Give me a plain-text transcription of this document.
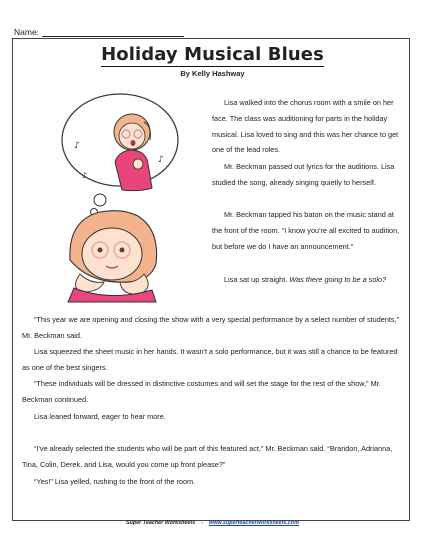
Name:
Holiday Musical Blues
By Kelly Hashway
♪
♪
♪

Lisa walked into the chorus room with a smile on her face. The class was auditioning for parts in the holiday musical. Lisa loved to sing and this was her chance to get one of the lead roles.

Mr. Beckman passed out lyrics for the auditions. Lisa studied the song, already singing quietly to herself.

Mr. Beckman tapped his baton on the music stand at the front of the room. “I know you're all excited to audition, but before we do I have an announcement.”

Lisa sat up straight. Was there going to be a solo?

“This year we are opening and closing the show with a very special performance by a select number of students,” Mr. Beckman said.

Lisa squeezed the sheet music in her hands. It wasn't a solo performance, but it was still a chance to be featured as one of the best singers.

“These individuals will be dressed in distinctive costumes and will set the stage for the rest of the show,” Mr. Beckman continued.

Lisa leaned forward, eager to hear more.

“I've already selected the students who will be part of this featured act,” Mr. Beckman said. “Brandon, Adrianna, Tina, Colin, Derek, and Lisa, would you come up front please?”

“Yes!” Lisa yelled, rushing to the front of the room.

Super Teacher Worksheets - www.superteacherworksheets.com
